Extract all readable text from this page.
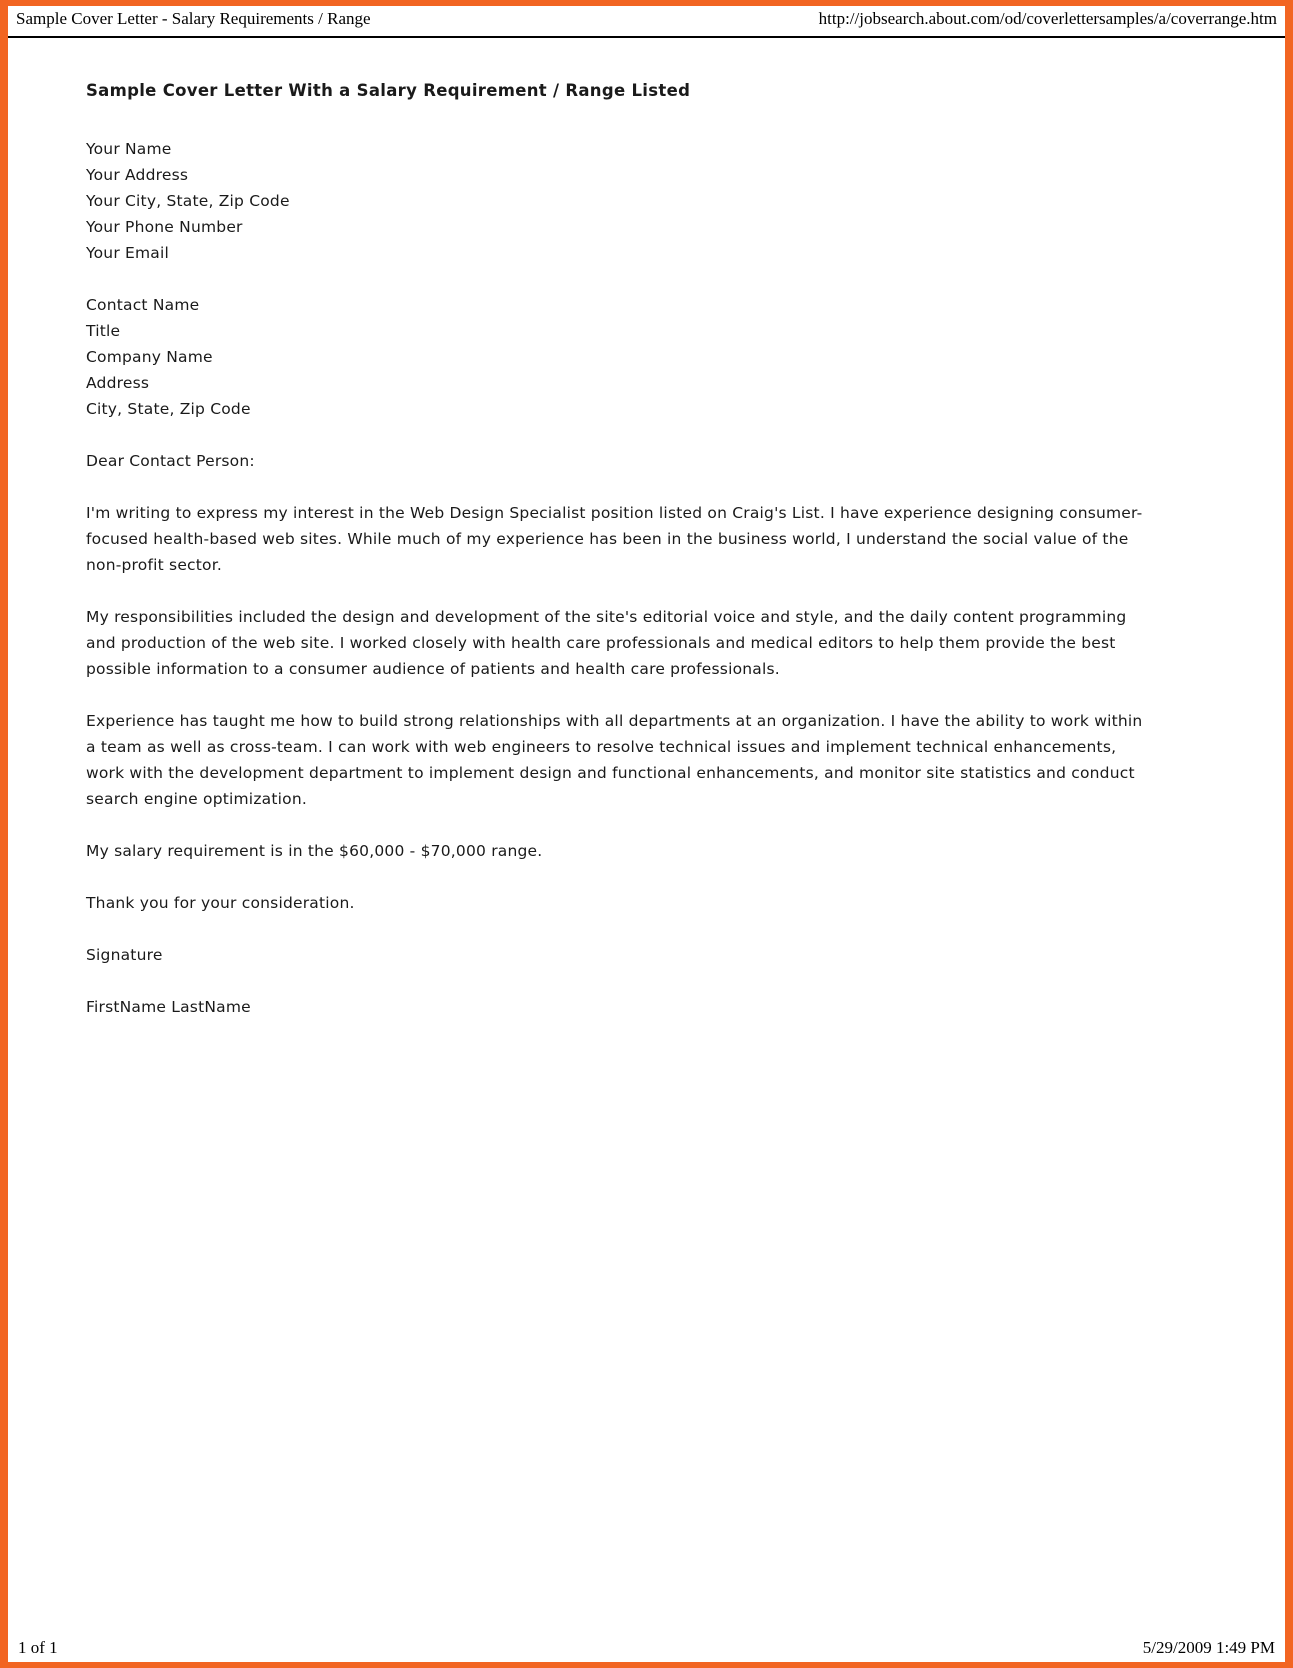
Sample Cover Letter - Salary Requirements / Range	http://jobsearch.about.com/od/coverlettersamples/a/coverrange.htm
Sample Cover Letter With a Salary Requirement / Range Listed
Your Name
Your Address
Your City, State, Zip Code
Your Phone Number
Your Email
Contact Name
Title
Company Name
Address
City, State, Zip Code

Dear Contact Person:

I'm writing to express my interest in the Web Design Specialist position listed on Craig's List. I have experience designing consumer-focused health-based web sites. While much of my experience has been in the business world, I understand the social value of the non-profit sector.

My responsibilities included the design and development of the site's editorial voice and style, and the daily content programming and production of the web site. I worked closely with health care professionals and medical editors to help them provide the best possible information to a consumer audience of patients and health care professionals.

Experience has taught me how to build strong relationships with all departments at an organization. I have the ability to work within a team as well as cross-team. I can work with web engineers to resolve technical issues and implement technical enhancements, work with the development department to implement design and functional enhancements, and monitor site statistics and conduct search engine optimization.

My salary requirement is in the $60,000 - $70,000 range.

Thank you for your consideration.

Signature

FirstName LastName

1 of 1	5/29/2009 1:49 PM
